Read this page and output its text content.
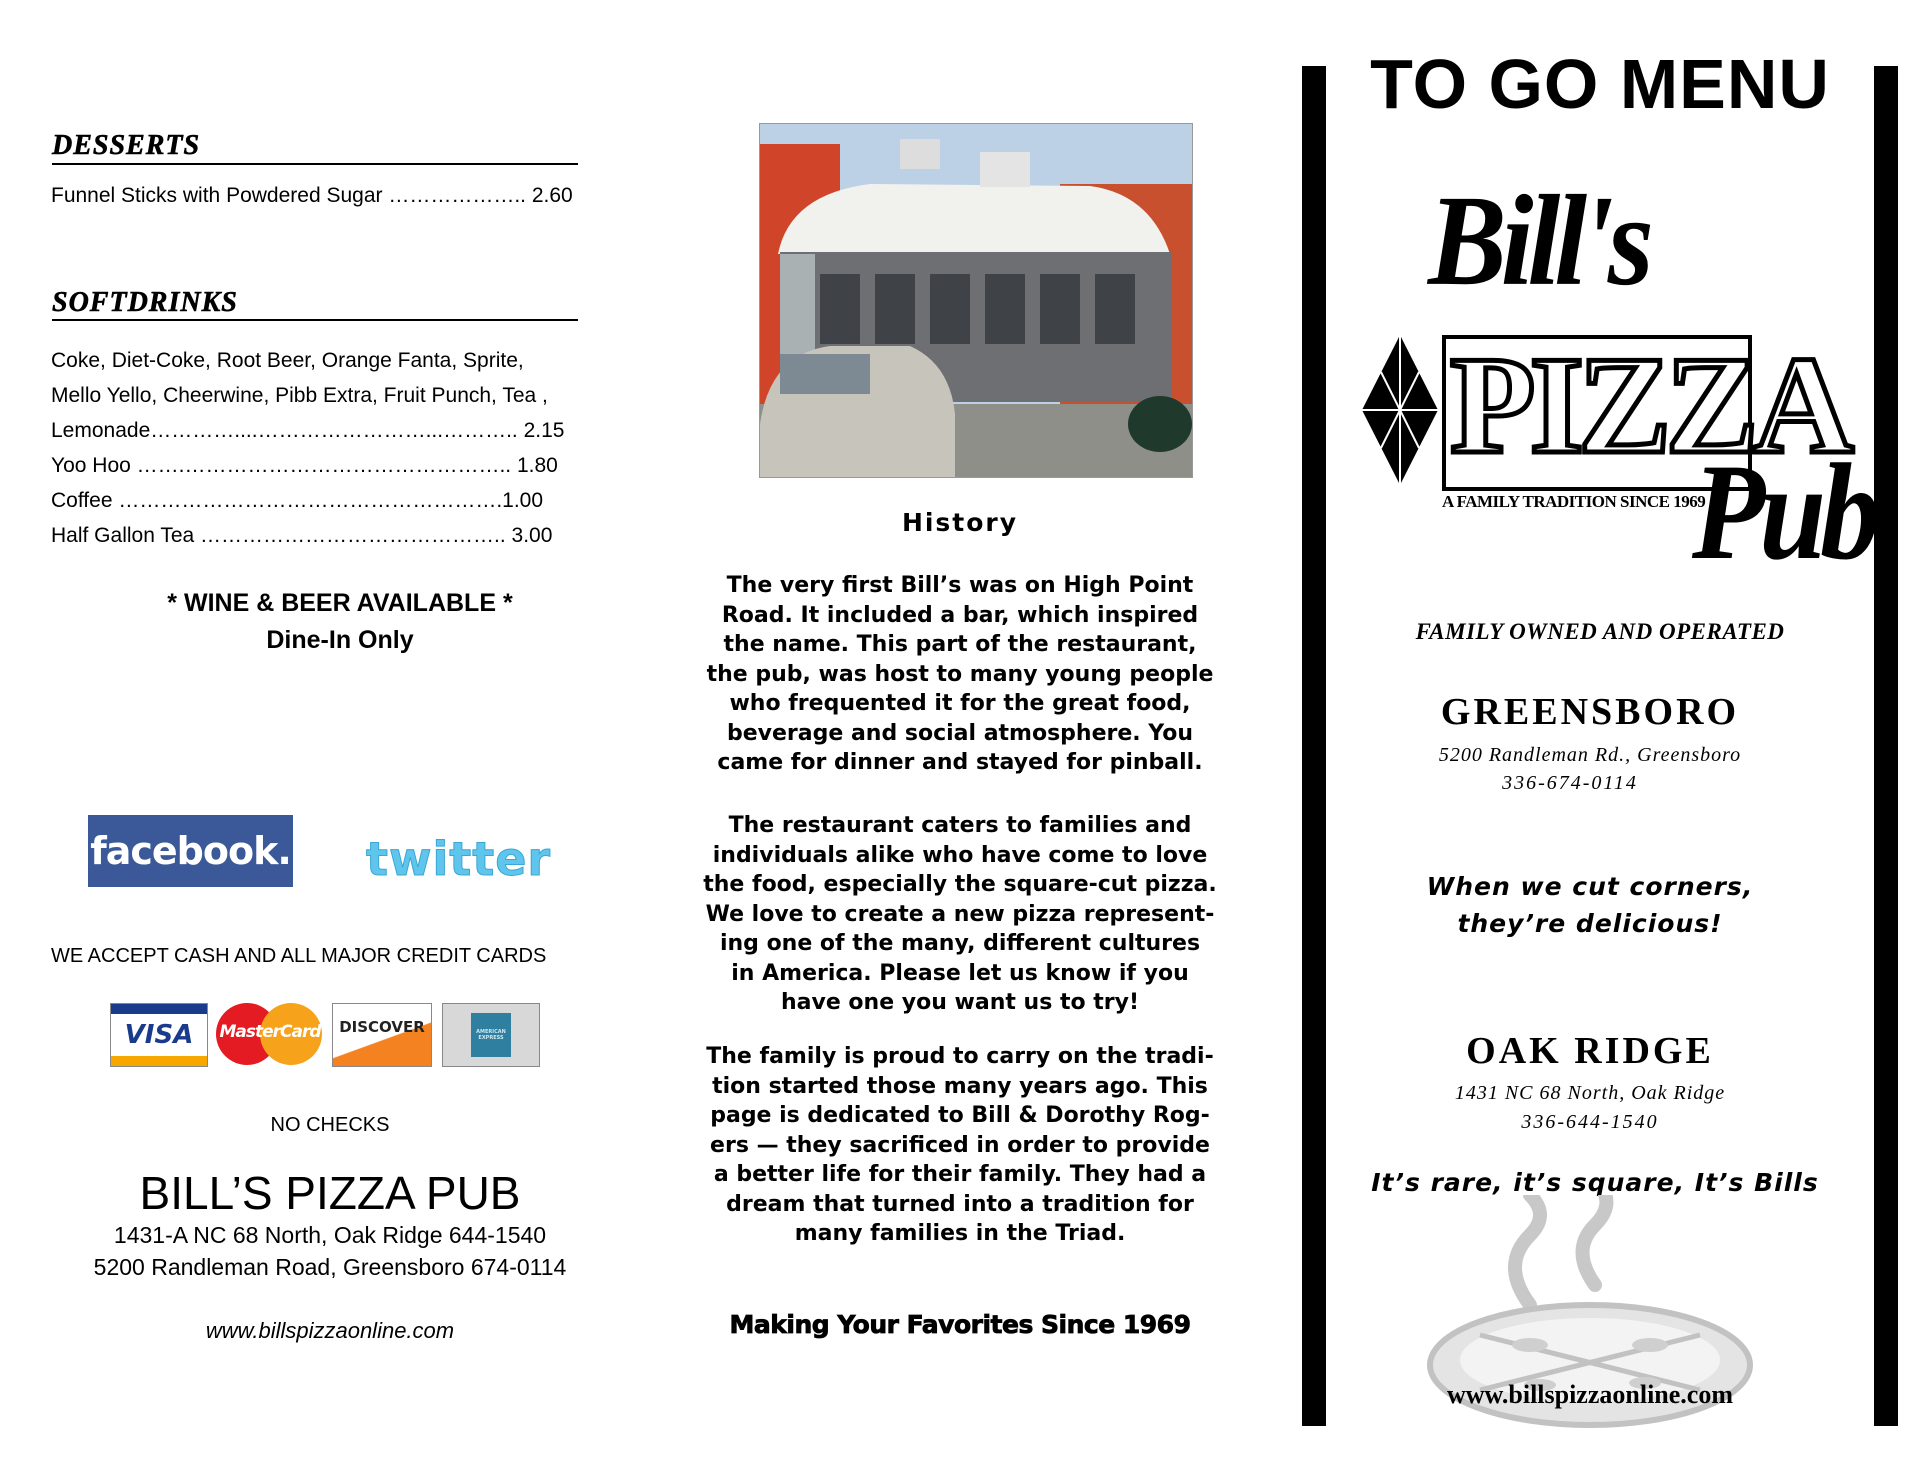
DESSERTS
Funnel Sticks with Powdered Sugar ……………….. 2.60
SOFTDRINKS
Coke, Diet-Coke, Root Beer, Orange Fanta, Sprite,
Mello Yello, Cheerwine, Pibb Extra, Fruit Punch, Tea ,
Lemonade…………....……………………...……….. 2.15
Yoo Hoo …….……………………………………….. 1.80
Coffee ……………………………………………….1.00
Half Gallon Tea …………………………………….. 3.00
* WINE & BEER AVAILABLE *
Dine-In Only
facebook. twitter
WE ACCEPT CASH AND ALL MAJOR CREDIT CARDS
VISA MasterCard DISCOVER	AMERICAN EXPRESS
NO CHECKS
BILL’S PIZZA PUB
1431-A NC 68 North, Oak Ridge 644-1540
5200 Randleman Road, Greensboro 674-0114
www.billspizzaonline.com
History
The very first Bill’s was on High Point
Road. It included a bar, which inspired
the name. This part of the restaurant,
the pub, was host to many young people
who frequented it for the great food,
beverage and social atmosphere. You
came for dinner and stayed for pinball.
The restaurant caters to families and
individuals alike who have come to love
the food, especially the square-cut pizza.
We love to create a new pizza represent-
ing one of the many, different cultures
in America. Please let us know if you
have one you want us to try!
The family is proud to carry on the tradi-
tion started those many years ago. This
page is dedicated to Bill & Dorothy Rog-
ers — they sacrificed in order to provide
a better life for their family. They had a
dream that turned into a tradition for
many families in the Triad.
Making Your Favorites Since 1969
TO GO MENU
Bill's
PIZZA
A FAMILY TRADITION SINCE 1969
Pub
FAMILY OWNED AND OPERATED
GREENSBORO
5200 Randleman Rd., Greensboro
336-674-0114
When we cut corners,
they’re delicious!
OAK RIDGE
1431 NC 68 North, Oak Ridge
336-644-1540
It’s rare, it’s square, It’s Bills
www.billspizzaonline.com
